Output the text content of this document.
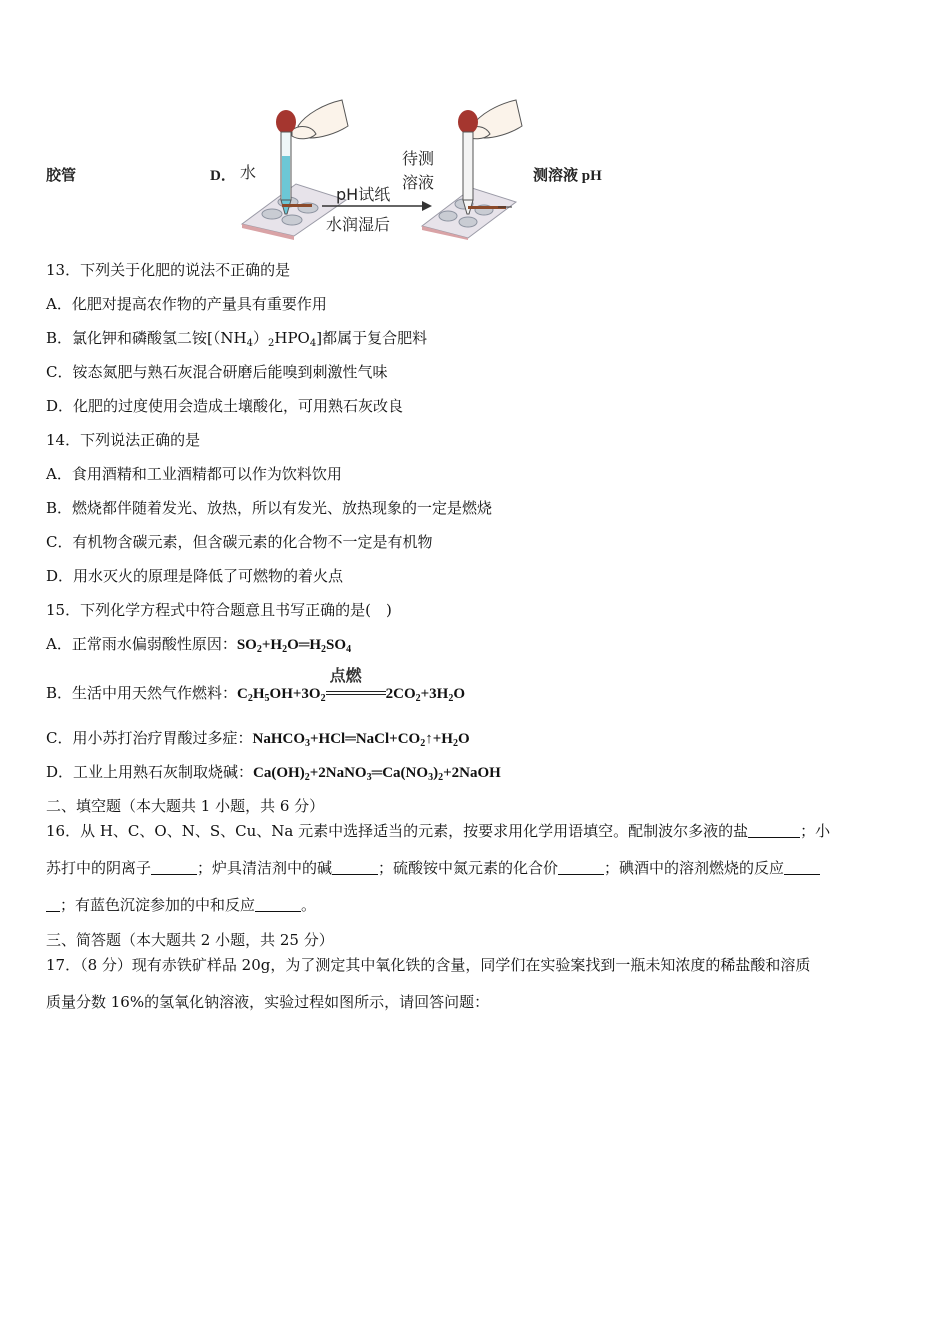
胶管	D． 水
pH试纸
水润湿后
待测
溶液	测溶液 pH
13．下列关于化肥的说法不正确的是
A．化肥对提高农作物的产量具有重要作用
B．氯化钾和磷酸氢二铵$[(NH_4)_2HPO_4]$都属于复合肥料
C．铵态氮肥与熟石灰混合研磨后能嗅到刺激性气味
D．化肥的过度使用会造成土壤酸化，可用熟石灰改良
14．下列说法正确的是
A．食用酒精和工业酒精都可以作为饮料饮用
B．燃烧都伴随着发光、放热，所以有发光、放热现象的一定是燃烧
C．有机物含碳元素，但含碳元素的化合物不一定是有机物
D．用水灭火的原理是降低了可燃物的着火点
15．下列化学方程式中符合题意且书写正确的是(　)
A．正常雨水偏弱酸性原因：$SO_2+H_2O═H_2SO_4$
B．生活中用天然气作燃料：$C_2H_5OH+3O_2$
点燃
$2CO_2+3H_2O$
C．用小苏打治疗胃酸过多症：$NaHCO_3+HCl═NaCl+CO_2↑+H_2O$
D．工业上用熟石灰制取烧碱：$Ca(OH)_2+2NaNO_3═Ca(NO_3)_2+2NaOH$
二、填空题（本大题共 1 小题，共 6 分）
16．从 H、C、O、N、S、Cu、Na 元素中选择适当的元素，按要求用化学用语填空。配制波尔多液的盐	；小
苏打中的阴离子	；炉具清洁剂中的碱	；硫酸铵中氮元素的化合价	；碘酒中的溶剂燃烧的反应
；有蓝色沉淀参加的中和反应	。
三、简答题（本大题共 2 小题，共 25 分）
17．（8 分）现有赤铁矿样品 20g，为了测定其中氧化铁的含量，同学们在实验案找到一瓶未知浓度的稀盐酸和溶质
质量分数 16%的氢氧化钠溶液，实验过程如图所示，请回答问题：
